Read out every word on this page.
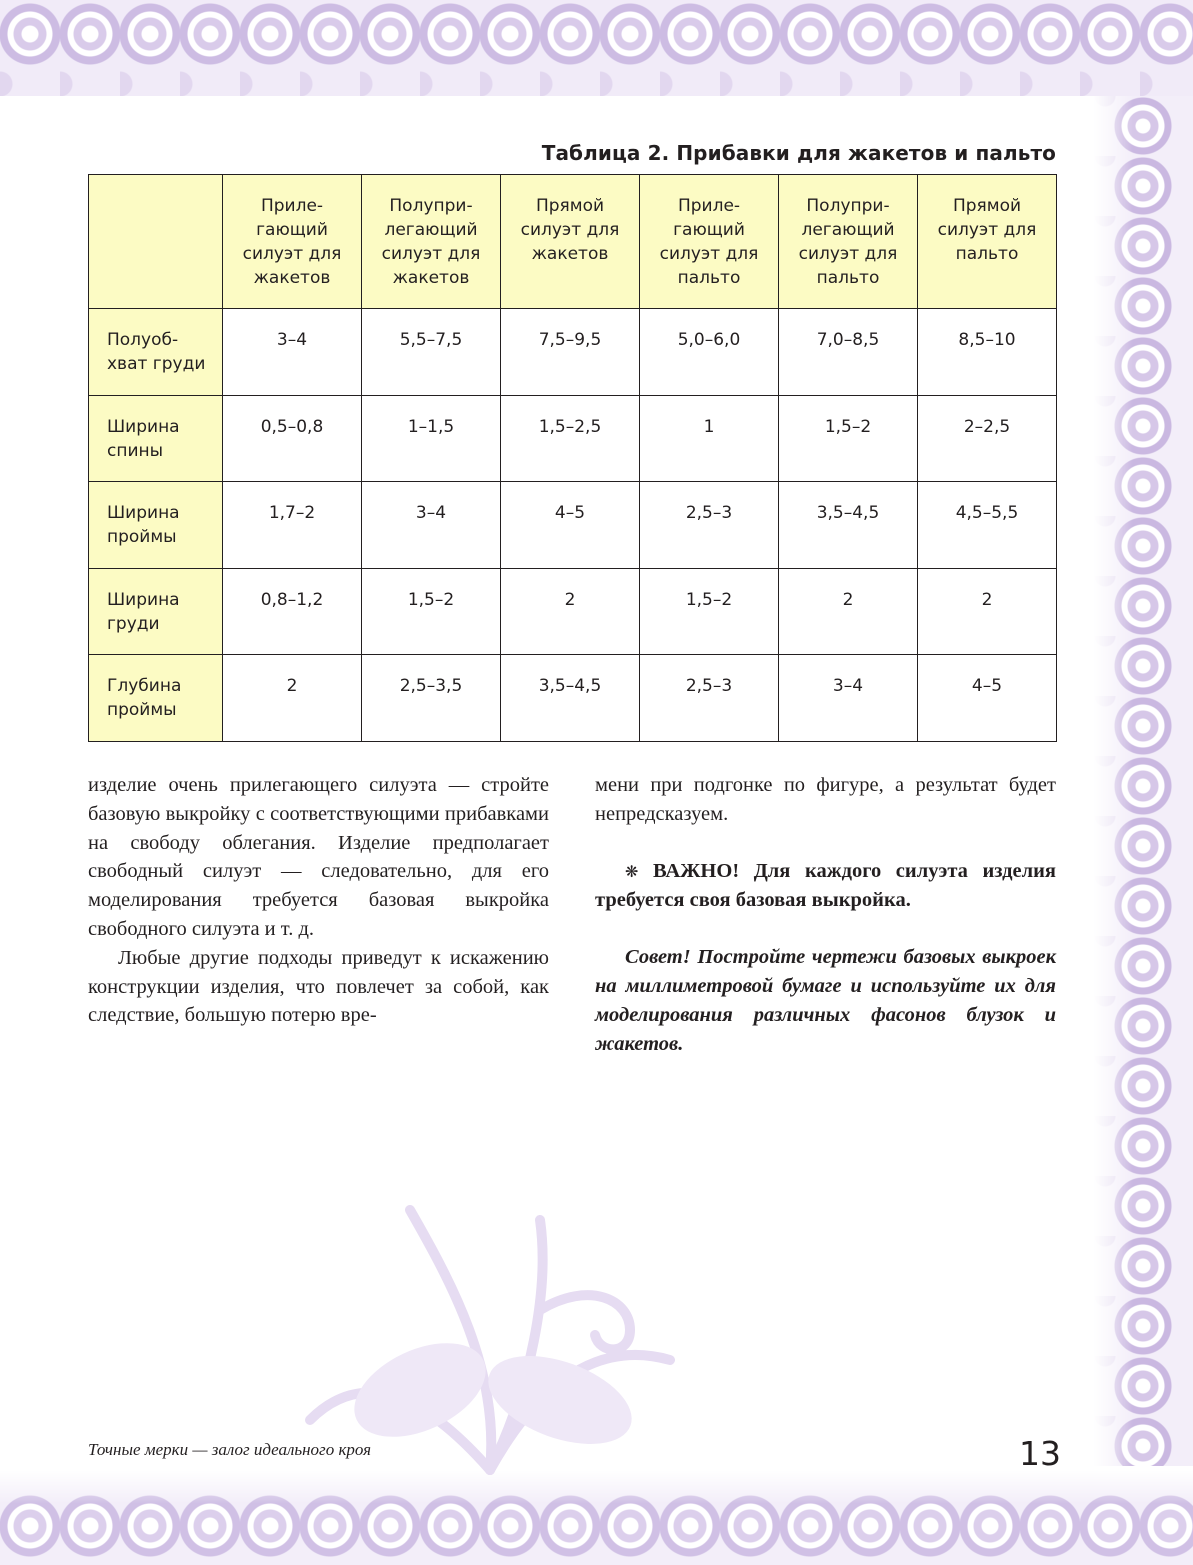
Таблица 2. Прибавки для жакетов и пальто

	Приле-
гающий
силуэт для
жакетов	Полупри-
легающий
силуэт для
жакетов	Прямой
силуэт для
жакетов	Приле-
гающий
силуэт для
пальто	Полупри-
легающий
силуэт для
пальто	Прямой
силуэт для
пальто

Полуоб-
хват груди	3–4	5,5–7,5	7,5–9,5	5,0–6,0	7,0–8,5	8,5–10

Ширина
спины	0,5–0,8	1–1,5	1,5–2,5	1	1,5–2	2–2,5

Ширина
проймы	1,7–2	3–4	4–5	2,5–3	3,5–4,5	4,5–5,5

Ширина
груди	0,8–1,2	1,5–2	2	1,5–2	2	2

Глубина
проймы	2	2,5–3,5	3,5–4,5	2,5–3	3–4	4–5

изделие очень прилегающего силуэта — стройте базовую выкройку с соответствующими прибавками на свободу облегания. Изделие предполагает свободный силуэт — следовательно, для его моделирования требуется базовая выкройка свободного силуэта и т. д.

Любые другие подходы приведут к искажению конструкции изделия, что повлечет за собой, как следствие, большую потерю вре-

мени при подгонке по фигуре, а результат будет непредсказуем.

❋ ВАЖНО! Для каждого силуэта изделия требуется своя базовая выкройка.

Совет! Постройте чертежи базовых выкроек на миллиметровой бумаге и используйте их для моделирования различных фасонов блузок и жакетов.

Точные мерки — залог идеального кроя	13
